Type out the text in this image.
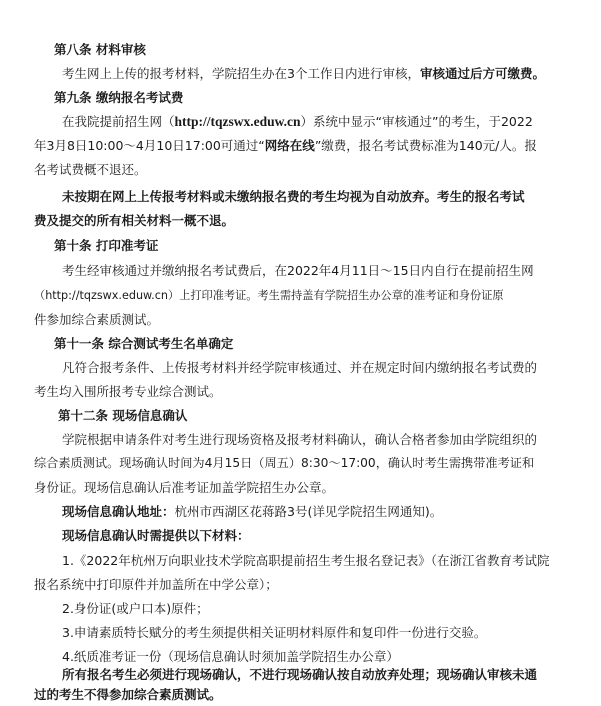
第八条 材料审核
考生网上上传的报考材料，学院招生办在3个工作日内进行审核，审核通过后方可缴费。
第九条 缴纳报名考试费
在我院提前招生网（http://tqzswx.eduw.cn）系统中显示“审核通过”的考生，于2022
年3月8日10:00～4月10日17:00可通过“网络在线”缴费，报名考试费标准为140元/人。报
名考试费概不退还。
未按期在网上上传报考材料或未缴纳报名费的考生均视为自动放弃。考生的报名考试
费及提交的所有相关材料一概不退。
第十条 打印准考证
考生经审核通过并缴纳报名考试费后，在2022年4月11日～15日内自行在提前招生网
（http://tqzswx.eduw.cn）上打印准考证。考生需持盖有学院招生办公章的准考证和身份证原
件参加综合素质测试。
第十一条 综合测试考生名单确定
凡符合报考条件、上传报考材料并经学院审核通过、并在规定时间内缴纳报名考试费的
考生均入围所报考专业综合测试。
第十二条 现场信息确认
学院根据申请条件对考生进行现场资格及报考材料确认，确认合格者参加由学院组织的
综合素质测试。现场确认时间为4月15日（周五）8:30～17:00，确认时考生需携带准考证和
身份证。现场信息确认后准考证加盖学院招生办公章。
现场信息确认地址：杭州市西湖区花蒋路3号(详见学院招生网通知)。
现场信息确认时需提供以下材料：
1.《2022年杭州万向职业技术学院高职提前招生考生报名登记表》（在浙江省教育考试院
报名系统中打印原件并加盖所在中学公章）；
2.身份证(或户口本)原件；
3.申请素质特长赋分的考生须提供相关证明材料原件和复印件一份进行交验。
4.纸质准考证一份（现场信息确认时须加盖学院招生办公章）
所有报名考生必须进行现场确认，不进行现场确认按自动放弃处理；现场确认审核未通
过的考生不得参加综合素质测试。
